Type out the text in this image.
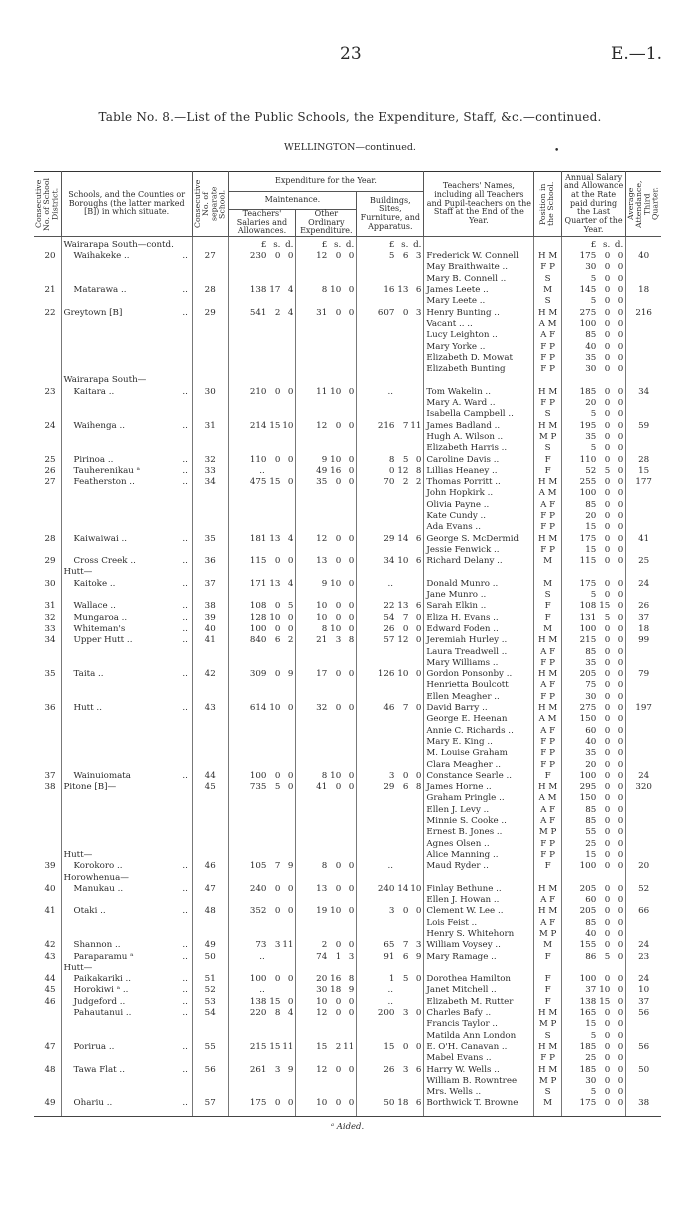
23	E.—1.
Table No. 8.—List of the Public Schools, the Expenditure, Staff, &c.—continued.
WELLINGTON—continued.	•
Consecutive No. of School District.	Schools, and the Counties or Boroughs (the latter marked [B]) in which situate.	Consecutive No. of separate School.	Expenditure for the Year.			Teachers' Names, including all Teachers and Pupil-teachers on the Staff at the End of the Year.	Position in the School.	Annual Salary and Allowance at the Rate paid during the Last Quarter of the Year.	Average Attendance, Third Quarter.

			Maintenance.		Buildings, Sites, Furniture, and Apparatus.				
			Teachers' Salaries and Allowances.	Other Ordinary Expenditure.					
	Wairarapa South—contd.		£ s. d.	£ s. d.	£ s. d.			£ s. d.	
20	Waihakeke .. ..	27	230 0 0	12 0 0	5 6 3	Frederick W. Connell	H M	175 0 0	40

					May Braithwaite ..	F P	30 0 0	

					Mary B. Connell ..	S	5 0 0	
21	Matarawa .. ..	28	138 17 4	8 10 0	16 13 6	James Leete ..	M	145 0 0	18

					Mary Leete ..	S	5 0 0	
22	Greytown [B] ..	29	541 2 4	31 0 0	607 0 3	Henry Bunting ..	H M	275 0 0	216

					Vacant .. ..	A M	100 0 0	

					Lucy Leighton ..	A F	85 0 0	

					Mary Yorke ..	F P	40 0 0	

					Elizabeth D. Mowat	F P	35 0 0	

					Elizabeth Bunting	F P	30 0 0	
	Wairarapa South—

23	Kaitara .. ..	30	210 0 0	11 10 0	..	Tom Wakelin ..	H M	185 0 0	34

					Mary A. Ward ..	F P	20 0 0	

					Isabella Campbell ..	S	5 0 0	
24	Waihenga .. ..	31	214 15 10	12 0 0	216 7 11	James Badland ..	H M	195 0 0	59

					Hugh A. Wilson ..	M P	35 0 0	

					Elizabeth Harris ..	S	5 0 0	
25	Pirinoa .. ..	32	110 0 0	9 10 0	8 5 0	Caroline Davis ..	F	110 0 0	28
26	Tauherenikau ᵃ ..	33	..	49 16 0	0 12 8	Lillias Heaney ..	F	52 5 0	15
27	Featherston .. ..	34	475 15 0	35 0 0	70 2 2	Thomas Porritt ..	H M	255 0 0	177

					John Hopkirk ..	A M	100 0 0	

					Olivia Payne ..	A F	85 0 0	

					Kate Cundy ..	F P	20 0 0	

					Ada Evans ..	F P	15 0 0	
28	Kaiwaiwai .. ..	35	181 13 4	12 0 0	29 14 6	George S. McDermid	H M	175 0 0	41

					Jessie Fenwick ..	F P	15 0 0	
29	Cross Creek .. ..	36	115 0 0	13 0 0	34 10 6	Richard Delany ..	M	115 0 0	25
	Hutt—

30	Kaitoke .. ..	37	171 13 4	9 10 0	..	Donald Munro ..	M	175 0 0	24

					Jane Munro ..	S	5 0 0	
31	Wallace .. ..	38	108 0 5	10 0 0	22 13 6	Sarah Elkin ..	F	108 15 0	26
32	Mungaroa .. ..	39	128 10 0	10 0 0	54 7 0	Eliza H. Evans ..	F	131 5 0	37
33	Whiteman's ..	40	100 0 0	8 10 0	26 0 0	Edward Foden ..	M	100 0 0	18
34	Upper Hutt .. ..	41	840 6 2	21 3 8	57 12 0	Jeremiah Hurley ..	H M	215 0 0	99

					Laura Treadwell ..	A F	85 0 0	

					Mary Williams ..	F P	35 0 0	
35	Taita .. ..	42	309 0 9	17 0 0	126 10 0	Gordon Ponsonby ..	H M	205 0 0	79

					Henrietta Boulcott	A F	75 0 0	

					Ellen Meagher ..	F P	30 0 0	
36	Hutt .. ..	43	614 10 0	32 0 0	46 7 0	David Barry ..	H M	275 0 0	197

					George E. Heenan	A M	150 0 0	

					Annie C. Richards ..	A F	60 0 0	

					Mary E. King ..	F P	40 0 0	

					M. Louise Graham	F P	35 0 0	

					Clara Meagher ..	F P	20 0 0	
37	Wainuiomata ..	44	100 0 0	8 10 0	3 0 0	Constance Searle ..	F	100 0 0	24
38	Pitone [B]—	45	735 5 0	41 0 0	29 6 8	James Horne ..	H M	295 0 0	320

					Graham Pringle ..	A M	150 0 0	

					Ellen J. Levy ..	A F	85 0 0	

					Minnie S. Cooke ..	A F	85 0 0	

					Ernest B. Jones ..	M P	55 0 0	

					Agnes Olsen ..	F P	25 0 0	
	Hutt—					Alice Manning ..	F P	15 0 0	
39	Korokoro .. ..	46	105 7 9	8 0 0	..	Maud Ryder ..	F	100 0 0	20
	Horowhenua—

40	Manukau .. ..	47	240 0 0	13 0 0	240 14 10	Finlay Bethune ..	H M	205 0 0	52

					Ellen J. Howan ..	A F	60 0 0	
41	Otaki .. ..	48	352 0 0	19 10 0	3 0 0	Clement W. Lee ..	H M	205 0 0	66

					Lois Feist ..	A F	85 0 0	

					Henry S. Whitehorn	M P	40 0 0	
42	Shannon .. ..	49	73 3 11	2 0 0	65 7 3	William Voysey ..	M	155 0 0	24
43	Paraparamu ᵃ ..	50	..	74 1 3	91 6 9	Mary Ramage ..	F	86 5 0	23
	Hutt—

44	Paikakariki .. ..	51	100 0 0	20 16 8	1 5 0	Dorothea Hamilton	F	100 0 0	24
45	Horokiwi ᵃ .. ..	52	..	30 18 9	..	Janet Mitchell ..	F	37 10 0	10
46	Judgeford .. ..	53	138 15 0	10 0 0	..	Elizabeth M. Rutter	F	138 15 0	37
	Pahautanui .. ..	54	220 8 4	12 0 0	200 3 0	Charles Bafy ..	H M	165 0 0	56

					Francis Taylor ..	M P	15 0 0	

					Matilda Ann London	S	5 0 0	
47	Porirua .. ..	55	215 15 11	15 2 11	15 0 0	E. O'H. Canavan ..	H M	185 0 0	56

					Mabel Evans ..	F P	25 0 0	
48	Tawa Flat .. ..	56	261 3 9	12 0 0	26 3 6	Harry W. Wells ..	H M	185 0 0	50

					William B. Rowntree	M P	30 0 0	

					Mrs. Wells ..	S	5 0 0	
49	Ohariu .. ..	57	175 0 0	10 0 0	50 18 6	Borthwick T. Browne	M	175 0 0	38
ᵃ Aided.
